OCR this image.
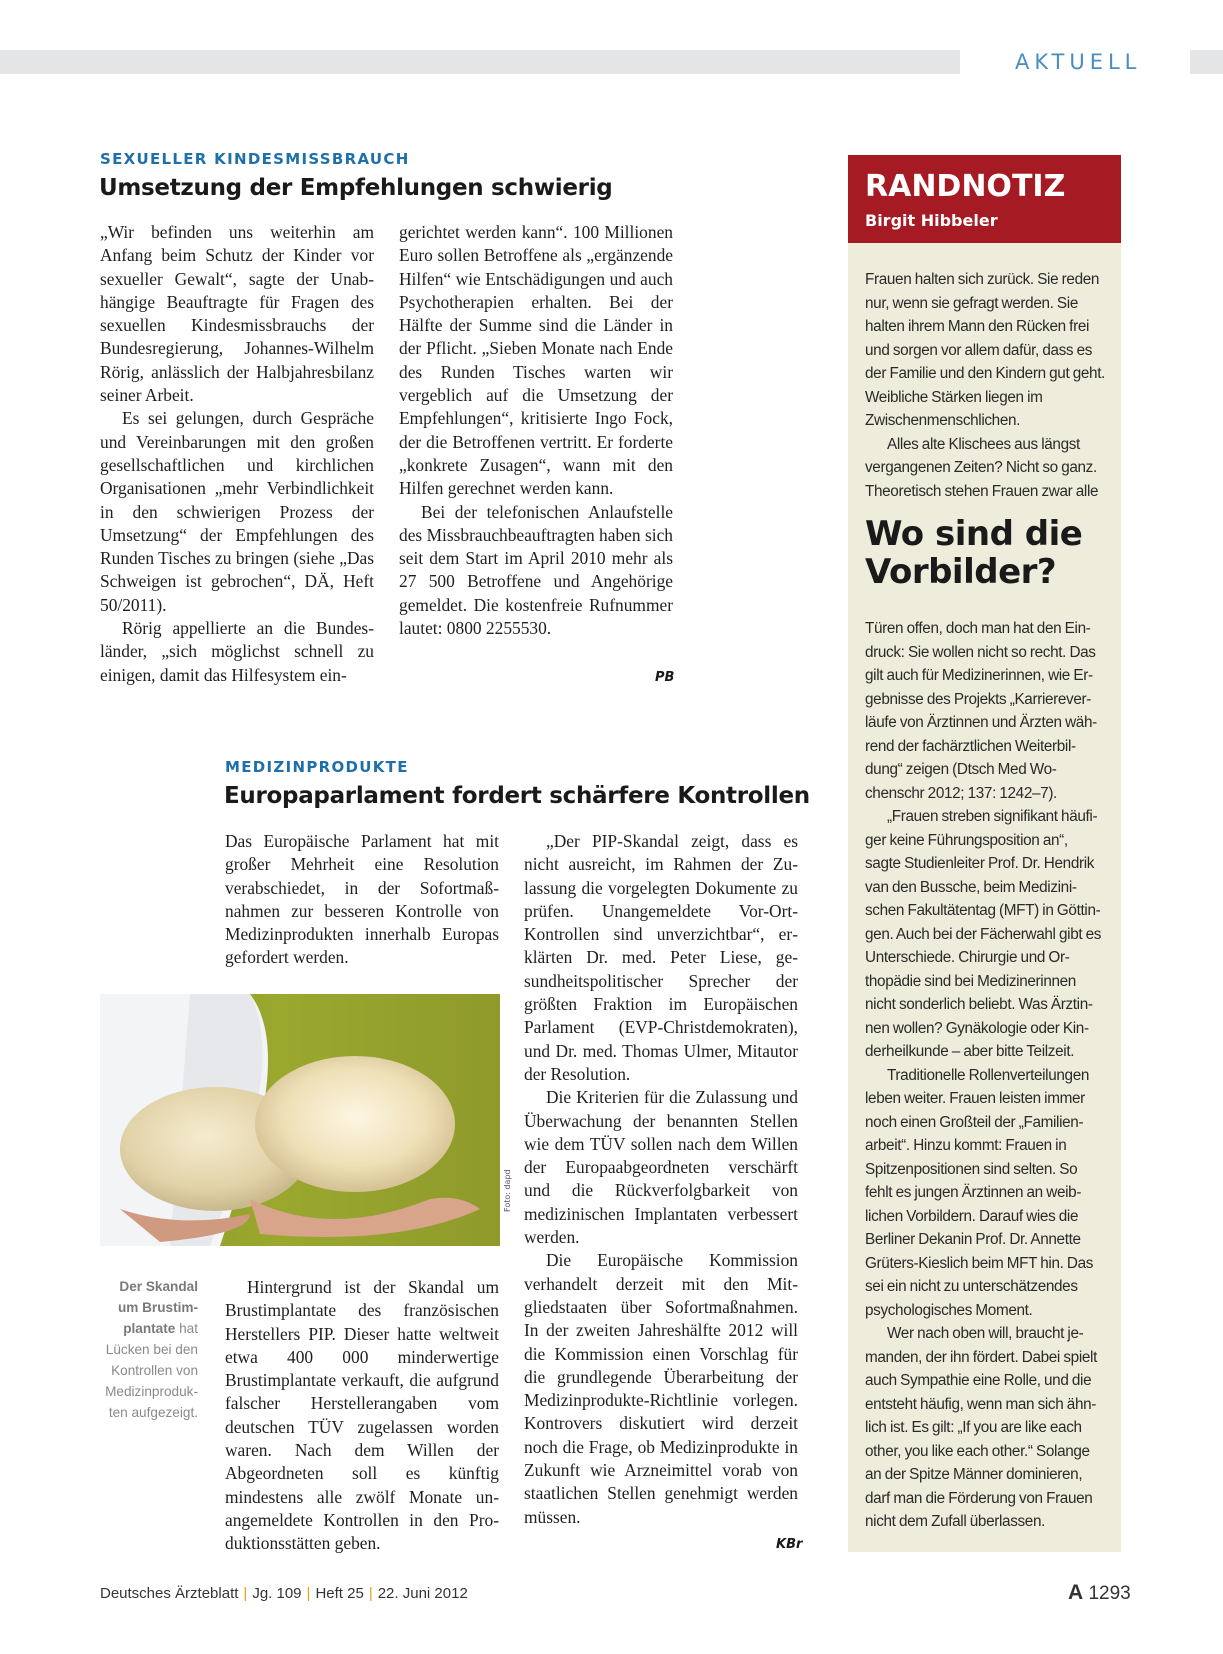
AKTUELL
SEXUELLER KINDESMISSBRAUCH
Umsetzung der Empfehlungen schwierig

„Wir befinden uns weiterhin am Anfang beim Schutz der Kinder vor sexueller Gewalt“, sagte der Unabhängige Beauftragte für Fragen des sexuellen Kindesmissbrauchs der Bundesregierung, Johannes-Wilhelm Rörig, anlässlich der Halbjahresbilanz seiner Arbeit.

Es sei gelungen, durch Gespräche und Vereinbarungen mit den großen gesellschaftlichen und kirchlichen Organisationen „mehr Verbindlichkeit in den schwierigen Prozess der Umsetzung“ der Empfehlungen des Runden Tisches zu bringen (siehe „Das Schweigen ist gebrochen“, DÄ, Heft 50/2011).

Rörig appellierte an die Bundesländer, „sich möglichst schnell zu einigen, damit das Hilfesystem ein-

gerichtet werden kann“. 100 Millionen Euro sollen Betroffene als „ergänzende Hilfen“ wie Entschädigungen und auch Psychotherapien erhalten. Bei der Hälfte der Summe sind die Länder in der Pflicht. „Sieben Monate nach Ende des Runden Tisches warten wir vergeblich auf die Umsetzung der Empfehlungen“, kritisierte Ingo Fock, der die Betroffenen vertritt. Er forderte „konkrete Zusagen“, wann mit den Hilfen gerechnet werden kann.

Bei der telefonischen Anlaufstelle des Missbrauchbeauftragten haben sich seit dem Start im April 2010 mehr als 27 500 Betroffene und Angehörige gemeldet. Die kostenfreie Rufnummer lautet: 0800 2255530.

PB
MEDIZINPRODUKTE
Europaparlament fordert schärfere Kontrollen

Das Europäische Parlament hat mit großer Mehrheit eine Resolution verabschiedet, in der Sofortmaßnahmen zur besseren Kontrolle von Medizinprodukten innerhalb Europas gefordert werden.

Foto: dapd
Der Skandal um Brustimplantate hat Lücken bei den Kontrollen von Medizinprodukten aufgezeigt.

Hintergrund ist der Skandal um Brustimplantate des französischen Herstellers PIP. Dieser hatte weltweit etwa 400 000 minderwertige Brustimplantate verkauft, die aufgrund falscher Herstellerangaben vom deutschen TÜV zugelassen worden waren. Nach dem Willen der Abgeordneten soll es künftig mindestens alle zwölf Monate unangemeldete Kontrollen in den Produktionsstätten geben.

„Der PIP-Skandal zeigt, dass es nicht ausreicht, im Rahmen der Zulassung die vorgelegten Dokumente zu prüfen. Unangemeldete Vor-Ort-Kontrollen sind unverzichtbar“, erklärten Dr. med. Peter Liese, gesundheitspolitischer Sprecher der größten Fraktion im Europäischen Parlament (EVP-Christdemokraten), und Dr. med. Thomas Ulmer, Mitautor der Resolution.

Die Kriterien für die Zulassung und Überwachung der benannten Stellen wie dem TÜV sollen nach dem Willen der Europaabgeordneten verschärft und die Rückverfolgbarkeit von medizinischen Implantaten verbessert werden.

Die Europäische Kommission verhandelt derzeit mit den Mitgliedstaaten über Sofortmaßnahmen. In der zweiten Jahreshälfte 2012 will die Kommission einen Vorschlag für die grundlegende Überarbeitung der Medizinprodukte-Richtlinie vorlegen. Kontrovers diskutiert wird derzeit noch die Frage, ob Medizinprodukte in Zukunft wie Arzneimittel vorab von staatlichen Stellen genehmigt werden müssen.

KBr
RANDNOTIZ
Birgit Hibbeler

Frauen halten sich zurück. Sie reden nur, wenn sie gefragt werden. Sie halten ihrem Mann den Rücken frei und sorgen vor allem dafür, dass es der Familie und den Kindern gut geht. Weibliche Stärken liegen im Zwischenmenschlichen.

Alles alte Klischees aus längst vergangenen Zeiten? Nicht so ganz. Theoretisch stehen Frauen zwar alle

Wo sind die Vorbilder?

Türen offen, doch man hat den Eindruck: Sie wollen nicht so recht. Das gilt auch für Medizinerinnen, wie Ergebnisse des Projekts „Karriereverläufe von Ärztinnen und Ärzten während der fachärztlichen Weiterbildung“ zeigen (Dtsch Med Wochenschr 2012; 137: 1242–7).

„Frauen streben signifikant häufiger keine Führungsposition an“, sagte Studienleiter Prof. Dr. Hendrik van den Bussche, beim Medizinischen Fakultätentag (MFT) in Göttingen. Auch bei der Fächerwahl gibt es Unterschiede. Chirurgie und Orthopädie sind bei Medizinerinnen nicht sonderlich beliebt. Was Ärztinnen wollen? Gynäkologie oder Kinderheilkunde – aber bitte Teilzeit.

Traditionelle Rollenverteilungen leben weiter. Frauen leisten immer noch einen Großteil der „Familienarbeit“. Hinzu kommt: Frauen in Spitzenpositionen sind selten. So fehlt es jungen Ärztinnen an weiblichen Vorbildern. Darauf wies die Berliner Dekanin Prof. Dr. Annette Grüters-Kieslich beim MFT hin. Das sei ein nicht zu unterschätzendes psychologisches Moment.

Wer nach oben will, braucht jemanden, der ihn fördert. Dabei spielt auch Sympathie eine Rolle, und die entsteht häufig, wenn man sich ähnlich ist. Es gilt: „If you are like each other, you like each other.“ Solange an der Spitze Männer dominieren, darf man die Förderung von Frauen nicht dem Zufall überlassen.

Deutsches Ärzteblatt | Jg. 109 | Heft 25 | 22. Juni 2012	A 1293
